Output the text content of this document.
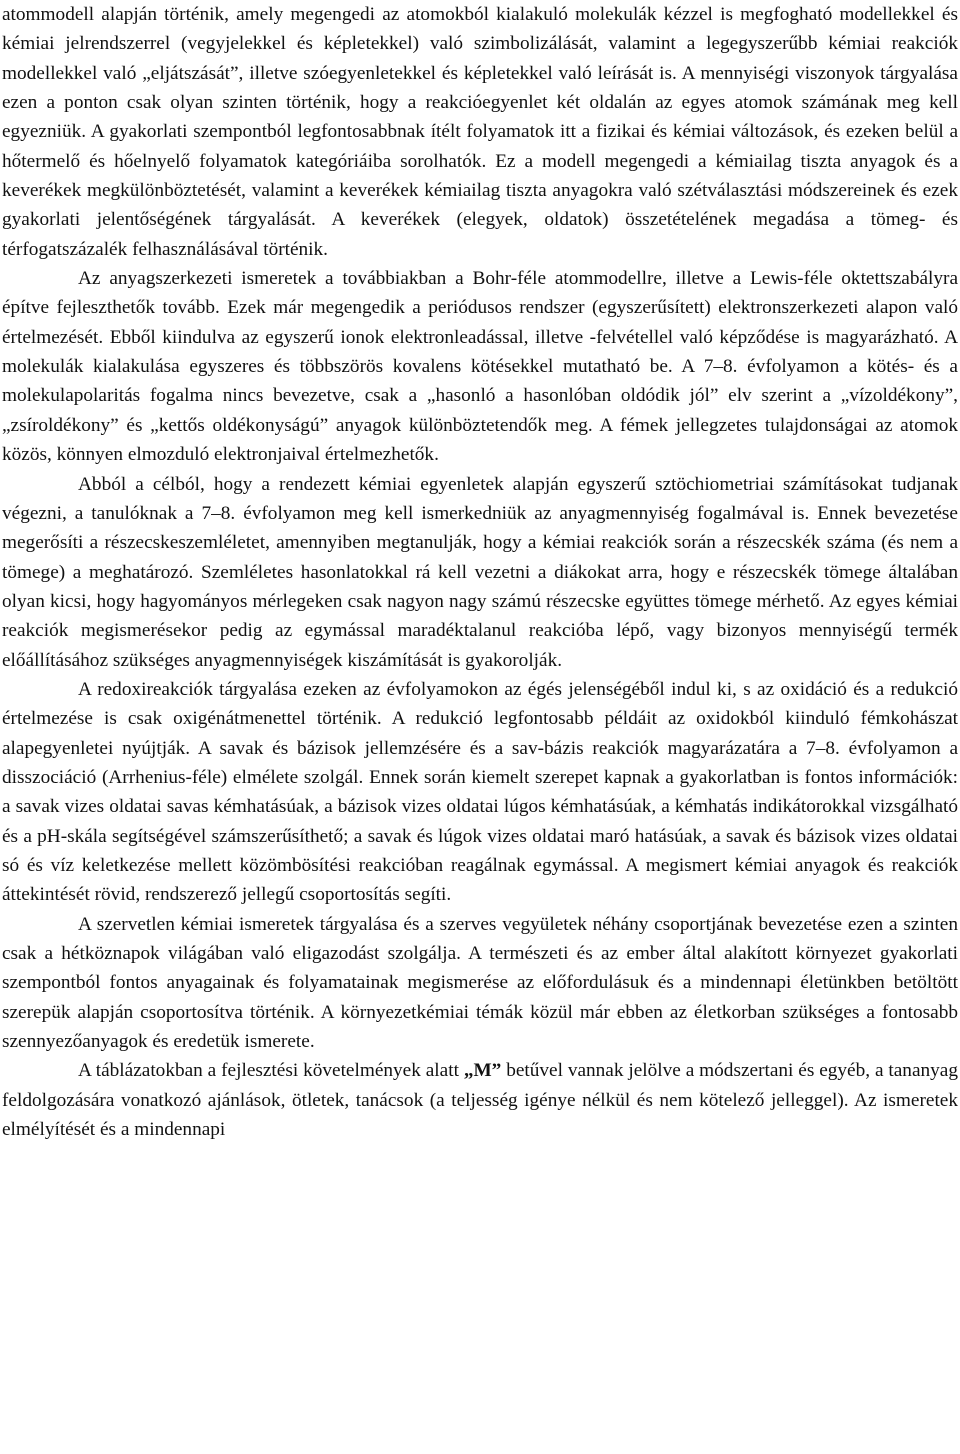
atommodell alapján történik, amely megengedi az atomokból kialakuló molekulák kézzel is megfogható modellekkel és kémiai jelrendszerrel (vegyjelekkel és képletekkel) való szimbolizálását, valamint a legegyszerűbb kémiai reakciók modellekkel való „eljátszását”, illetve szóegyenletekkel és képletekkel való leírását is. A mennyiségi viszonyok tárgyalása ezen a ponton csak olyan szinten történik, hogy a reakcióegyenlet két oldalán az egyes atomok számának meg kell egyezniük. A gyakorlati szempontból legfontosabbnak ítélt folyamatok itt a fizikai és kémiai változások, és ezeken belül a hőtermelő és hőelnyelő folyamatok kategóriáiba sorolhatók. Ez a modell megengedi a kémiailag tiszta anyagok és a keverékek megkülönböztetését, valamint a keverékek kémiailag tiszta anyagokra való szétválasztási módszereinek és ezek gyakorlati jelentőségének tárgyalását. A keverékek (elegyek, oldatok) összetételének megadása a tömeg- és térfogatszázalék felhasználásával történik.

Az anyagszerkezeti ismeretek a továbbiakban a Bohr-féle atommodellre, illetve a Lewis-féle oktettszabályra építve fejleszthetők tovább. Ezek már megengedik a periódusos rendszer (egyszerűsített) elektronszerkezeti alapon való értelmezését. Ebből kiindulva az egyszerű ionok elektronleadással, illetve -felvétellel való képződése is magyarázható. A molekulák kialakulása egyszeres és többszörös kovalens kötésekkel mutatható be. A 7–8. évfolyamon a kötés- és a molekulapolaritás fogalma nincs bevezetve, csak a „hasonló a hasonlóban oldódik jól” elv szerint a „vízoldékony”, „zsíroldékony” és „kettős oldékonyságú” anyagok különböztetendők meg. A fémek jellegzetes tulajdonságai az atomok közös, könnyen elmozduló elektronjaival értelmezhetők.

Abból a célból, hogy a rendezett kémiai egyenletek alapján egyszerű sztöchiometriai számításokat tudjanak végezni, a tanulóknak a 7–8. évfolyamon meg kell ismerkedniük az anyagmennyiség fogalmával is. Ennek bevezetése megerősíti a részecskeszemléletet, amennyiben megtanulják, hogy a kémiai reakciók során a részecskék száma (és nem a tömege) a meghatározó. Szemléletes hasonlatokkal rá kell vezetni a diákokat arra, hogy e részecskék tömege általában olyan kicsi, hogy hagyományos mérlegeken csak nagyon nagy számú részecske együttes tömege mérhető. Az egyes kémiai reakciók megismerésekor pedig az egymással maradéktalanul reakcióba lépő, vagy bizonyos mennyiségű termék előállításához szükséges anyagmennyiségek kiszámítását is gyakorolják.

A redoxireakciók tárgyalása ezeken az évfolyamokon az égés jelenségéből indul ki, s az oxidáció és a redukció értelmezése is csak oxigénátmenettel történik. A redukció legfontosabb példáit az oxidokból kiinduló fémkohászat alapegyenletei nyújtják. A savak és bázisok jellemzésére és a sav-bázis reakciók magyarázatára a 7–8. évfolyamon a disszociáció (Arrhenius-féle) elmélete szolgál. Ennek során kiemelt szerepet kapnak a gyakorlatban is fontos információk: a savak vizes oldatai savas kémhatásúak, a bázisok vizes oldatai lúgos kémhatásúak, a kémhatás indikátorokkal vizsgálható és a pH-skála segítségével számszerűsíthető; a savak és lúgok vizes oldatai maró hatásúak, a savak és bázisok vizes oldatai só és víz keletkezése mellett közömbösítési reakcióban reagálnak egymással. A megismert kémiai anyagok és reakciók áttekintését rövid, rendszerező jellegű csoportosítás segíti.

A szervetlen kémiai ismeretek tárgyalása és a szerves vegyületek néhány csoportjának bevezetése ezen a szinten csak a hétköznapok világában való eligazodást szolgálja. A természeti és az ember által alakított környezet gyakorlati szempontból fontos anyagainak és folyamatainak megismerése az előfordulásuk és a mindennapi életünkben betöltött szerepük alapján csoportosítva történik. A környezetkémiai témák közül már ebben az életkorban szükséges a fontosabb szennyezőanyagok és eredetük ismerete.

A táblázatokban a fejlesztési követelmények alatt „M” betűvel vannak jelölve a módszertani és egyéb, a tananyag feldolgozására vonatkozó ajánlások, ötletek, tanácsok (a teljesség igénye nélkül és nem kötelező jelleggel). Az ismeretek elmélyítését és a mindennapi
